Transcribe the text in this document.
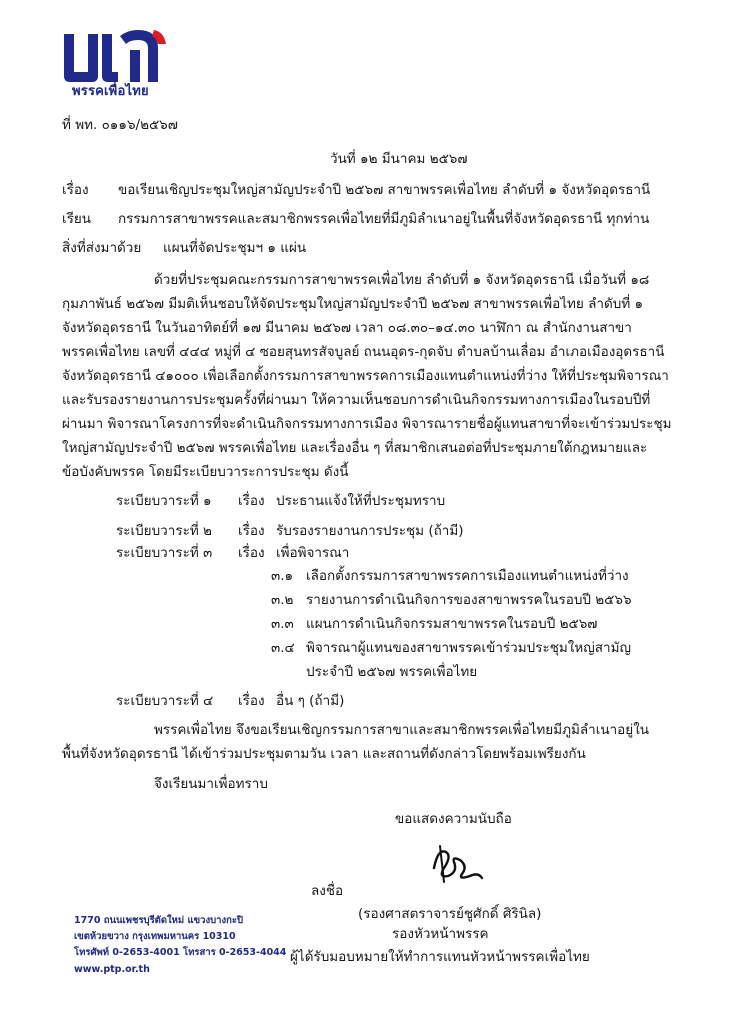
พรรคเพื่อไทย
ที่ พท. ๐๑๑๖/๒๕๖๗
วันที่ ๑๒ มีนาคม ๒๕๖๗
เรื่อง ขอเรียนเชิญประชุมใหญ่สามัญประจำปี ๒๕๖๗ สาขาพรรคเพื่อไทย ลำดับที่ ๑ จังหวัดอุดรธานี
เรียน กรรมการสาขาพรรคและสมาชิกพรรคเพื่อไทยที่มีภูมิลำเนาอยู่ในพื้นที่จังหวัดอุดรธานี ทุกท่าน
สิ่งที่ส่งมาด้วย แผนที่จัดประชุมฯ ๑ แผ่น
ด้วยที่ประชุมคณะกรรมการสาขาพรรคเพื่อไทย ลำดับที่ ๑ จังหวัดอุดรธานี เมื่อวันที่ ๑๘
กุมภาพันธ์ ๒๕๖๗ มีมติเห็นชอบให้จัดประชุมใหญ่สามัญประจำปี ๒๕๖๗ สาขาพรรคเพื่อไทย ลำดับที่ ๑
จังหวัดอุดรธานี ในวันอาทิตย์ที่ ๑๗ มีนาคม ๒๕๖๗ เวลา ๐๘.๓๐–๑๔.๓๐ นาฬิกา ณ สำนักงานสาขา
พรรคเพื่อไทย เลขที่ ๔๔๔ หมู่ที่ ๔ ซอยสุนทรสัจบูลย์ ถนนอุดร-กุดจับ ตำบลบ้านเลื่อม อำเภอเมืองอุดรธานี
จังหวัดอุดรธานี ๔๑๐๐๐ เพื่อเลือกตั้งกรรมการสาขาพรรคการเมืองแทนตำแหน่งที่ว่าง ให้ที่ประชุมพิจารณา
และรับรองรายงานการประชุมครั้งที่ผ่านมา ให้ความเห็นชอบการดำเนินกิจกรรมทางการเมืองในรอบปีที่
ผ่านมา พิจารณาโครงการที่จะดำเนินกิจกรรมทางการเมือง พิจารณารายชื่อผู้แทนสาขาที่จะเข้าร่วมประชุม
ใหญ่สามัญประจำปี ๒๕๖๗ พรรคเพื่อไทย และเรื่องอื่น ๆ ที่สมาชิกเสนอต่อที่ประชุมภายใต้กฎหมายและ
ข้อบังคับพรรค โดยมีระเบียบวาระการประชุม ดังนี้
ระเบียบวาระที่ ๑ เรื่อง ประธานแจ้งให้ที่ประชุมทราบ
ระเบียบวาระที่ ๒ เรื่อง รับรองรายงานการประชุม (ถ้ามี)
ระเบียบวาระที่ ๓ เรื่อง เพื่อพิจารณา
๓.๑ เลือกตั้งกรรมการสาขาพรรคการเมืองแทนตำแหน่งที่ว่าง
๓.๒ รายงานการดำเนินกิจการของสาขาพรรคในรอบปี ๒๕๖๖
๓.๓ แผนการดำเนินกิจกรรมสาขาพรรคในรอบปี ๒๕๖๗
๓.๔ พิจารณาผู้แทนของสาขาพรรคเข้าร่วมประชุมใหญ่สามัญ
ประจำปี ๒๕๖๗ พรรคเพื่อไทย
ระเบียบวาระที่ ๔ เรื่อง อื่น ๆ (ถ้ามี)
พรรคเพื่อไทย จึงขอเรียนเชิญกรรมการสาขาและสมาชิกพรรคเพื่อไทยมีภูมิลำเนาอยู่ใน
พื้นที่จังหวัดอุดรธานี ได้เข้าร่วมประชุมตามวัน เวลา และสถานที่ดังกล่าวโดยพร้อมเพรียงกัน
จึงเรียนมาเพื่อทราบ
ขอแสดงความนับถือ
ลงชื่อ
(รองศาสตราจารย์ชูศักดิ์ ศิรินิล)
รองหัวหน้าพรรค
ผู้ได้รับมอบหมายให้ทำการแทนหัวหน้าพรรคเพื่อไทย
1770 ถนนเพชรบุรีตัดใหม่ แขวงบางกะปิ
เขตห้วยขวาง กรุงเทพมหานคร 10310
โทรศัพท์ 0-2653-4001 โทรสาร 0-2653-4044
www.ptp.or.th
